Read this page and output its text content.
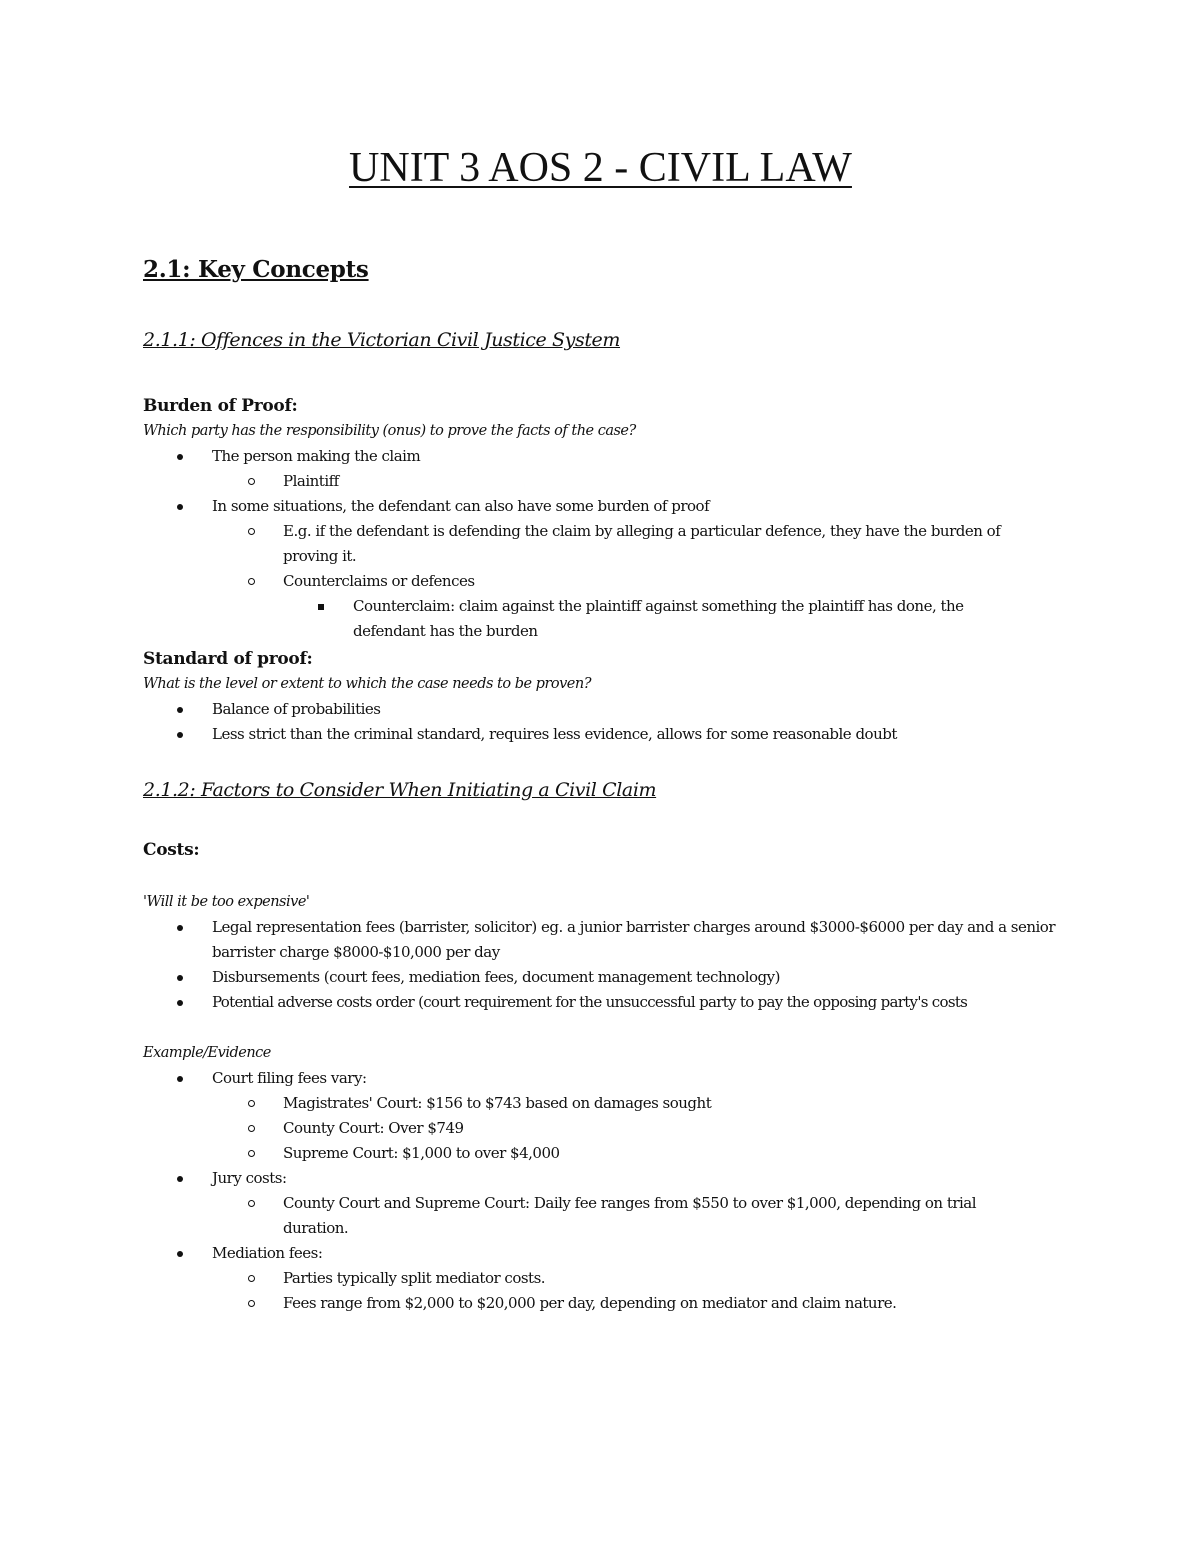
UNIT 3 AOS 2 - CIVIL LAW
2.1: Key Concepts
2.1.1: Offences in the Victorian Civil Justice System

Burden of Proof:

Which party has the responsibility (onus) to prove the facts of the case?

The person making the claim
Plaintiff
In some situations, the defendant can also have some burden of proof
E.g. if the defendant is defending the claim by alleging a particular defence, they have the burden of proving it.
Counterclaims or defences
Counterclaim: claim against the plaintiff against something the plaintiff has done, the defendant has the burden

Standard of proof:

What is the level or extent to which the case needs to be proven?

Balance of probabilities
Less strict than the criminal standard, requires less evidence, allows for some reasonable doubt
2.1.2: Factors to Consider When Initiating a Civil Claim

Costs:

'Will it be too expensive'

Legal representation fees (barrister, solicitor) eg. a junior barrister charges around $3000-$6000 per day and a senior barrister charge $8000-$10,000 per day
Disbursements (court fees, mediation fees, document management technology)
Potential adverse costs order (court requirement for the unsuccessful party to pay the opposing party's costs

Example/Evidence

Court filing fees vary:
Magistrates' Court: $156 to $743 based on damages sought
County Court: Over $749
Supreme Court: $1,000 to over $4,000
Jury costs:
County Court and Supreme Court: Daily fee ranges from $550 to over $1,000, depending on trial duration.
Mediation fees:
Parties typically split mediator costs.
Fees range from $2,000 to $20,000 per day, depending on mediator and claim nature.
